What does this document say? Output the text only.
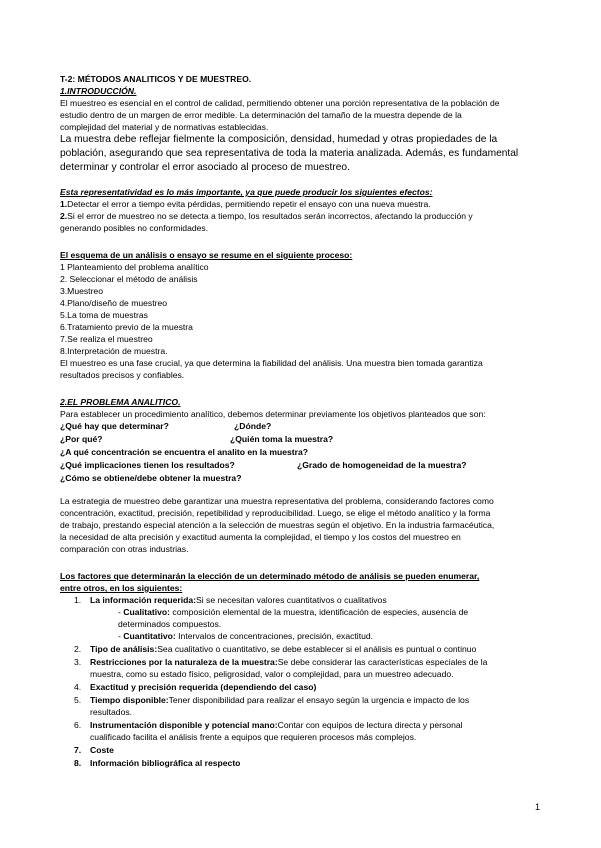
T-2: MÉTODOS ANALITICOS Y DE MUESTREO.
1.INTRODUCCIÓN.
El muestreo es esencial en el control de calidad, permitiendo obtener una porción representativa de la población de
estudio dentro de un margen de error medible. La determinación del tamaño de la muestra depende de la
complejidad del material y de normativas establecidas.
La muestra debe reflejar fielmente la composición, densidad, humedad y otras propiedades de la
población, asegurando que sea representativa de toda la materia analizada. Además, es fundamental
determinar y controlar el error asociado al proceso de muestreo.
Esta representatividad es lo más importante, ya que puede producir los siguientes efectos:
1.Detectar el error a tiempo evita pérdidas, permitiendo repetir el ensayo con una nueva muestra.
2.Si el error de muestreo no se detecta a tiempo, los resultados serán incorrectos, afectando la producción y
generando posibles no conformidades.
El esquema de un análisis o ensayo se resume en el siguiente proceso:
1 Planteamiento del problema analítico
2. Seleccionar el método de análisis
3.Muestreo
4.Plano/diseño de muestreo
5.La toma de muestras
6.Tratamiento previo de la muestra
7.Se realiza el muestreo
8.Interpretación de muestra.
El muestreo es una fase crucial, ya que determina la fiabilidad del análisis. Una muestra bien tomada garantiza
resultados precisos y confiables.
2.EL PROBLEMA ANALITICO.
Para establecer un procedimiento analítico, debemos determinar previamente los objetivos planteados que son:
¿Qué hay que determinar?	¿Dónde?
¿Por qué?	¿Quién toma la muestra?
¿A qué concentración se encuentra el analito en la muestra?
¿Qué implicaciones tienen los resultados?	¿Grado de homogeneidad de la muestra?
¿Cómo se obtiene/debe obtener la muestra?
La estrategia de muestreo debe garantizar una muestra representativa del problema, considerando factores como
concentración, exactitud, precisión, repetibilidad y reproducibilidad. Luego, se elige el método analítico y la forma
de trabajo, prestando especial atención a la selección de muestras según el objetivo. En la industria farmacéutica,
la necesidad de alta precisión y exactitud aumenta la complejidad, el tiempo y los costos del muestreo en
comparación con otras industrias.
Los factores que determinarán la elección de un determinado método de análisis se pueden enumerar,
entre otros, en los siguientes:
1. La información requerida:Si se necesitan valores cuantitativos o cualitativos
- Cualitativo: composición elemental de la muestra, identificación de especies, ausencia de
determinados compuestos.
- Cuantitativo: Intervalos de concentraciones, precisión, exactitud.
2. Tipo de análisis:Sea cualitativo o cuantitativo, se debe establecer si el análisis es puntual o continuo
3. Restricciones por la naturaleza de la muestra:Se debe considerar las características especiales de la
muestra, como su estado físico, peligrosidad, valor o complejidad, para un muestreo adecuado.
4. Exactitud y precisión requerida (dependiendo del caso)
5. Tiempo disponible:Tener disponibilidad para realizar el ensayo según la urgencia e impacto de los
resultados.
6. Instrumentación disponible y potencial mano:Contar con equipos de lectura directa y personal
cualificado facilita el análisis frente a equipos que requieren procesos más complejos.
7. Coste
8. Información bibliográfica al respecto
1
